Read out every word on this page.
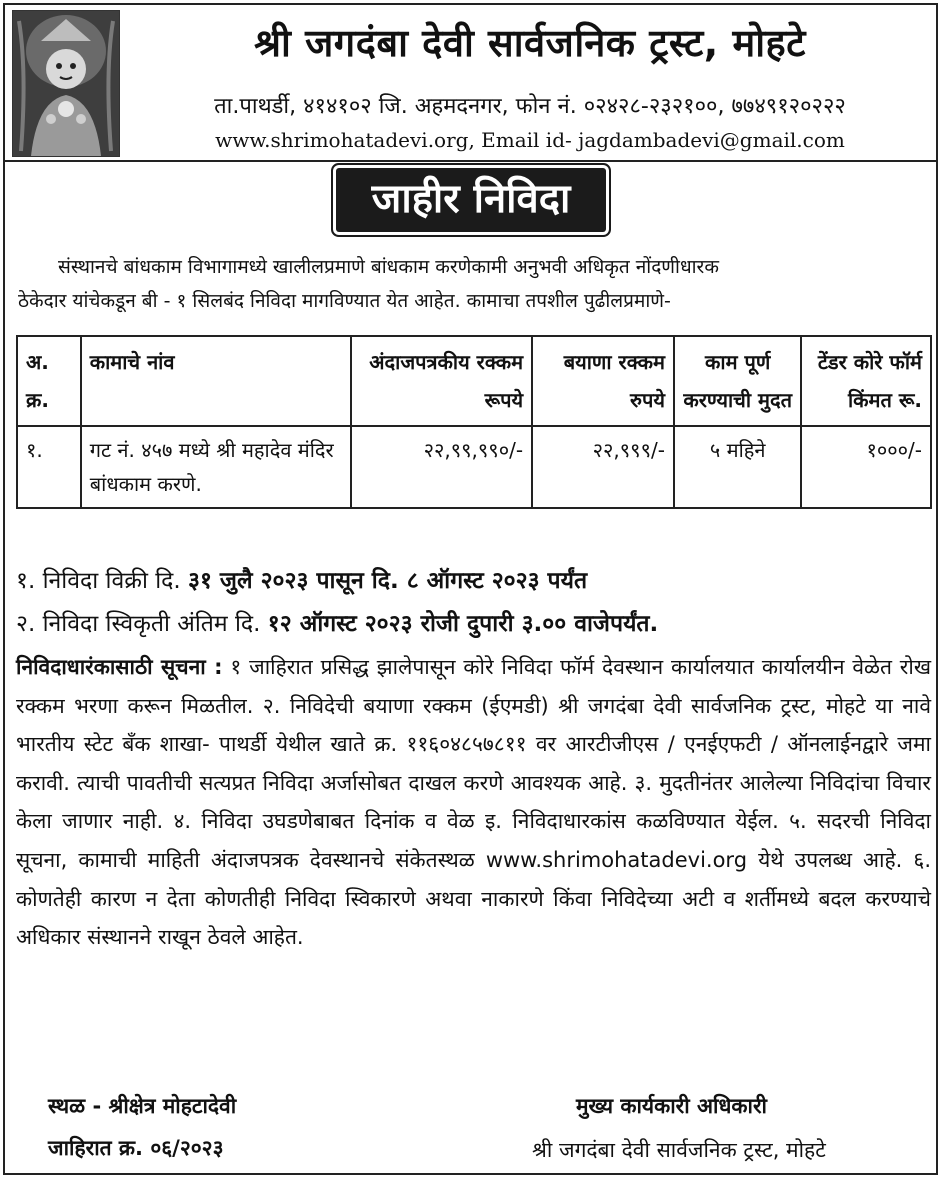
श्री जगदंबा देवी सार्वजनिक ट्रस्ट, मोहटे
ता.पाथर्डी, ४१४१०२ जि. अहमदनगर, फोन नं. ०२४२८-२३२१००, ७७४९१२०२२२
www.shrimohatadevi.org, Email id- jagdambadevi@gmail.com
जाहीर निविदा
संस्थानचे बांधकाम विभागामध्ये खालीलप्रमाणे बांधकाम करणेकामी अनुभवी अधिकृत नोंदणीधारक
ठेकेदार यांचेकडून बी - १ सिलबंद निविदा मागविण्यात येत आहेत. कामाचा तपशील पुढीलप्रमाणे-
अ. क्र.	कामाचे नांव	अंदाजपत्रकीय रक्कम रूपये	बयाणा रक्कम रुपये	काम पूर्ण करण्याची मुदत	टेंडर कोरे फॉर्म किंमत रू.
१.	गट नं. ४५७ मध्ये श्री महादेव मंदिर बांधकाम करणे.	२२,९९,९९०/-	२२,९९९/-	५ महिने	१०००/-
१. निविदा विक्री दि. ३१ जुलै २०२३ पासून दि. ८ ऑगस्ट २०२३ पर्यंत
२. निविदा स्विकृती अंतिम दि. १२ ऑगस्ट २०२३ रोजी दुपारी ३.०० वाजेपर्यंत.
निविदाधारंकासाठी सूचना : १ जाहिरात प्रसिद्ध झालेपासून कोरे निविदा फॉर्म देवस्थान कार्यालयात कार्यालयीन वेळेत रोख रक्कम भरणा करून मिळतील. २. निविदेची बयाणा रक्कम (ईएमडी) श्री जगदंबा देवी सार्वजनिक ट्रस्ट, मोहटे या नावे भारतीय स्टेट बँक शाखा- पाथर्डी येथील खाते क्र. ११६०४८५७८११ वर आरटीजीएस / एनईएफटी / ऑनलाईनद्वारे जमा करावी. त्याची पावतीची सत्यप्रत निविदा अर्जासोबत दाखल करणे आवश्यक आहे. ३. मुदतीनंतर आलेल्या निविदांचा विचार केला जाणार नाही. ४. निविदा उघडणेबाबत दिनांक व वेळ इ. निविदाधारकांस कळविण्यात येईल. ५. सदरची निविदा सूचना, कामाची माहिती अंदाजपत्रक देवस्थानचे संकेतस्थळ www.shrimohatadevi.org येथे उपलब्ध आहे. ६. कोणतेही कारण न देता कोणतीही निविदा स्विकारणे अथवा नाकारणे किंवा निविदेच्या अटी व शर्तीमध्ये बदल करण्याचे अधिकार संस्थानने राखून ठेवले आहेत.
स्थळ - श्रीक्षेत्र मोहटादेवी
जाहिरात क्र. ०६/२०२३
मुख्य कार्यकारी अधिकारी
श्री जगदंबा देवी सार्वजनिक ट्रस्ट, मोहटे
